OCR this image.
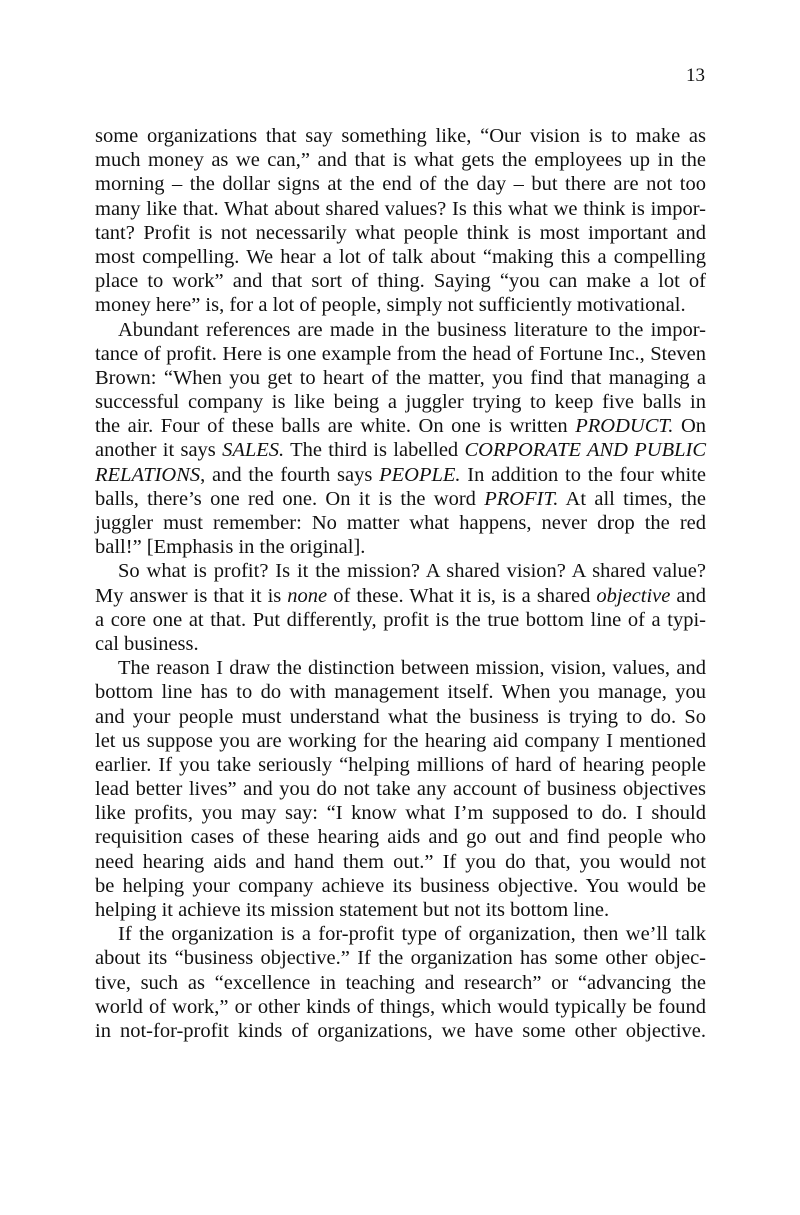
13
some organizations that say something like, “Our vision is to make as
much money as we can,” and that is what gets the employees up in the
morning – the dollar signs at the end of the day – but there are not too
many like that. What about shared values? Is this what we think is impor-
tant? Profit is not necessarily what people think is most important and
most compelling. We hear a lot of talk about “making this a compelling
place to work” and that sort of thing. Saying “you can make a lot of
money here” is, for a lot of people, simply not sufficiently motivational.
Abundant references are made in the business literature to the impor-
tance of profit. Here is one example from the head of Fortune Inc., Steven
Brown: “When you get to heart of the matter, you find that managing a
successful company is like being a juggler trying to keep five balls in
the air. Four of these balls are white. On one is written PRODUCT. On
another it says SALES. The third is labelled CORPORATE AND PUBLIC
RELATIONS, and the fourth says PEOPLE. In addition to the four white
balls, there’s one red one. On it is the word PROFIT. At all times, the
juggler must remember: No matter what happens, never drop the red
ball!” [Emphasis in the original].
So what is profit? Is it the mission? A shared vision? A shared value?
My answer is that it is none of these. What it is, is a shared objective and
a core one at that. Put differently, profit is the true bottom line of a typi-
cal business.
The reason I draw the distinction between mission, vision, values, and
bottom line has to do with management itself. When you manage, you
and your people must understand what the business is trying to do. So
let us suppose you are working for the hearing aid company I mentioned
earlier. If you take seriously “helping millions of hard of hearing people
lead better lives” and you do not take any account of business objectives
like profits, you may say: “I know what I’m supposed to do. I should
requisition cases of these hearing aids and go out and find people who
need hearing aids and hand them out.” If you do that, you would not
be helping your company achieve its business objective. You would be
helping it achieve its mission statement but not its bottom line.
If the organization is a for-profit type of organization, then we’ll talk
about its “business objective.” If the organization has some other objec-
tive, such as “excellence in teaching and research” or “advancing the
world of work,” or other kinds of things, which would typically be found
in not-for-profit kinds of organizations, we have some other objective.
